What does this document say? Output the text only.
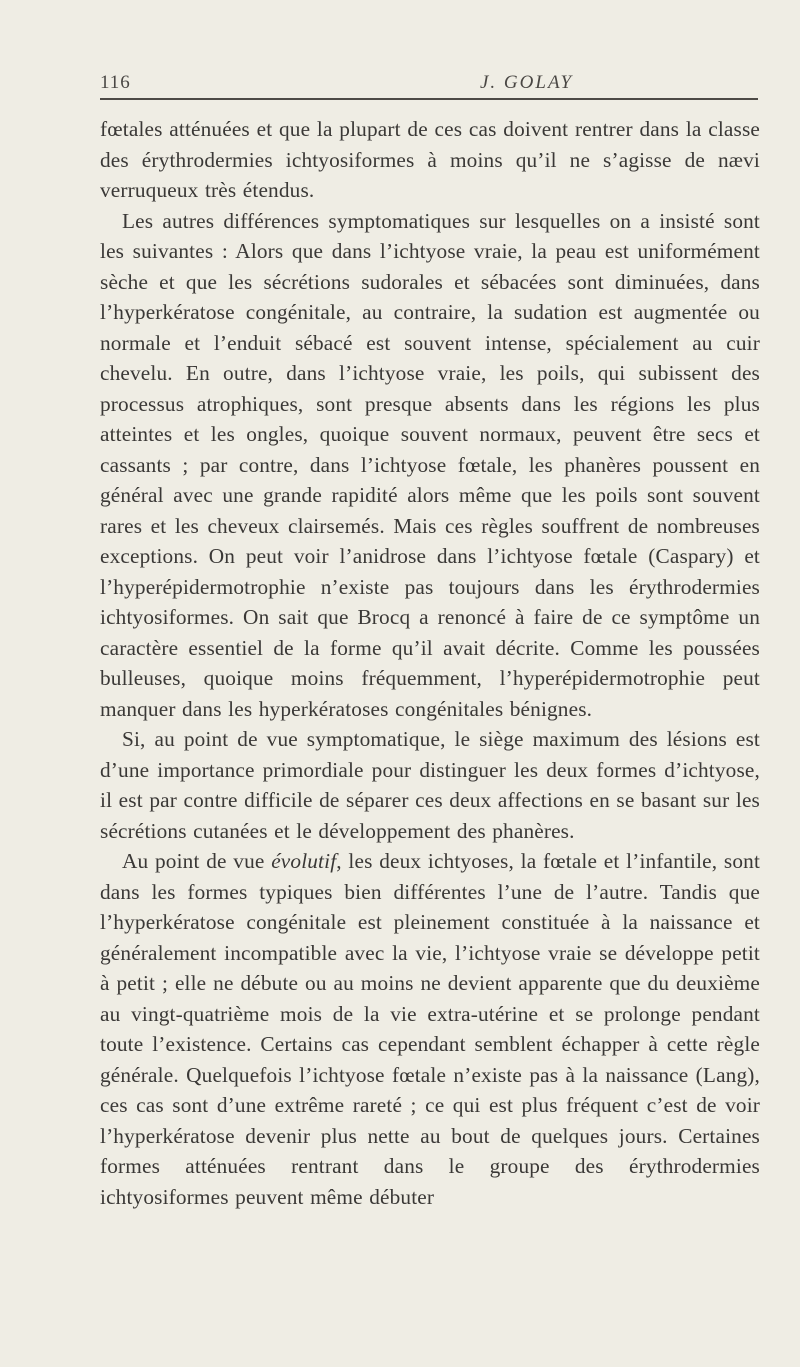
116	J. GOLAY

fœtales atténuées et que la plupart de ces cas doivent rentrer dans la classe des érythrodermies ichtyosiformes à moins qu’il ne s’agisse de nævi verruqueux très étendus.

Les autres différences symptomatiques sur lesquelles on a insisté sont les suivantes : Alors que dans l’ichtyose vraie, la peau est uniformément sèche et que les sécrétions sudorales et sébacées sont diminuées, dans l’hyperkératose congénitale, au contraire, la sudation est augmentée ou normale et l’enduit sébacé est souvent intense, spécialement au cuir chevelu. En outre, dans l’ichtyose vraie, les poils, qui subissent des processus atrophiques, sont presque absents dans les régions les plus atteintes et les ongles, quoique souvent normaux, peuvent être secs et cassants ; par contre, dans l’ichtyose fœtale, les phanères poussent en général avec une grande rapidité alors même que les poils sont souvent rares et les cheveux clairsemés. Mais ces règles souffrent de nombreuses exceptions. On peut voir l’anidrose dans l’ichtyose fœtale (Caspary) et l’hyperépidermotrophie n’existe pas toujours dans les érythrodermies ichtyosiformes. On sait que Brocq a renoncé à faire de ce symptôme un caractère essentiel de la forme qu’il avait décrite. Comme les poussées bulleuses, quoique moins fréquemment, l’hyperépidermotrophie peut manquer dans les hyperkératoses congénitales bénignes.

Si, au point de vue symptomatique, le siège maximum des lésions est d’une importance primordiale pour distinguer les deux formes d’ichtyose, il est par contre difficile de séparer ces deux affections en se basant sur les sécrétions cutanées et le développement des phanères.

Au point de vue évolutif, les deux ichtyoses, la fœtale et l’infantile, sont dans les formes typiques bien différentes l’une de l’autre. Tandis que l’hyperkératose congénitale est pleinement constituée à la naissance et généralement incompatible avec la vie, l’ichtyose vraie se développe petit à petit ; elle ne débute ou au moins ne devient apparente que du deuxième au vingt-quatrième mois de la vie extra-utérine et se prolonge pendant toute l’existence. Certains cas cependant semblent échapper à cette règle générale. Quelquefois l’ichtyose fœtale n’existe pas à la naissance (Lang), ces cas sont d’une extrême rareté ; ce qui est plus fréquent c’est de voir l’hyperkératose devenir plus nette au bout de quelques jours. Certaines formes atténuées rentrant dans le groupe des érythrodermies ichtyosiformes peuvent même débuter
